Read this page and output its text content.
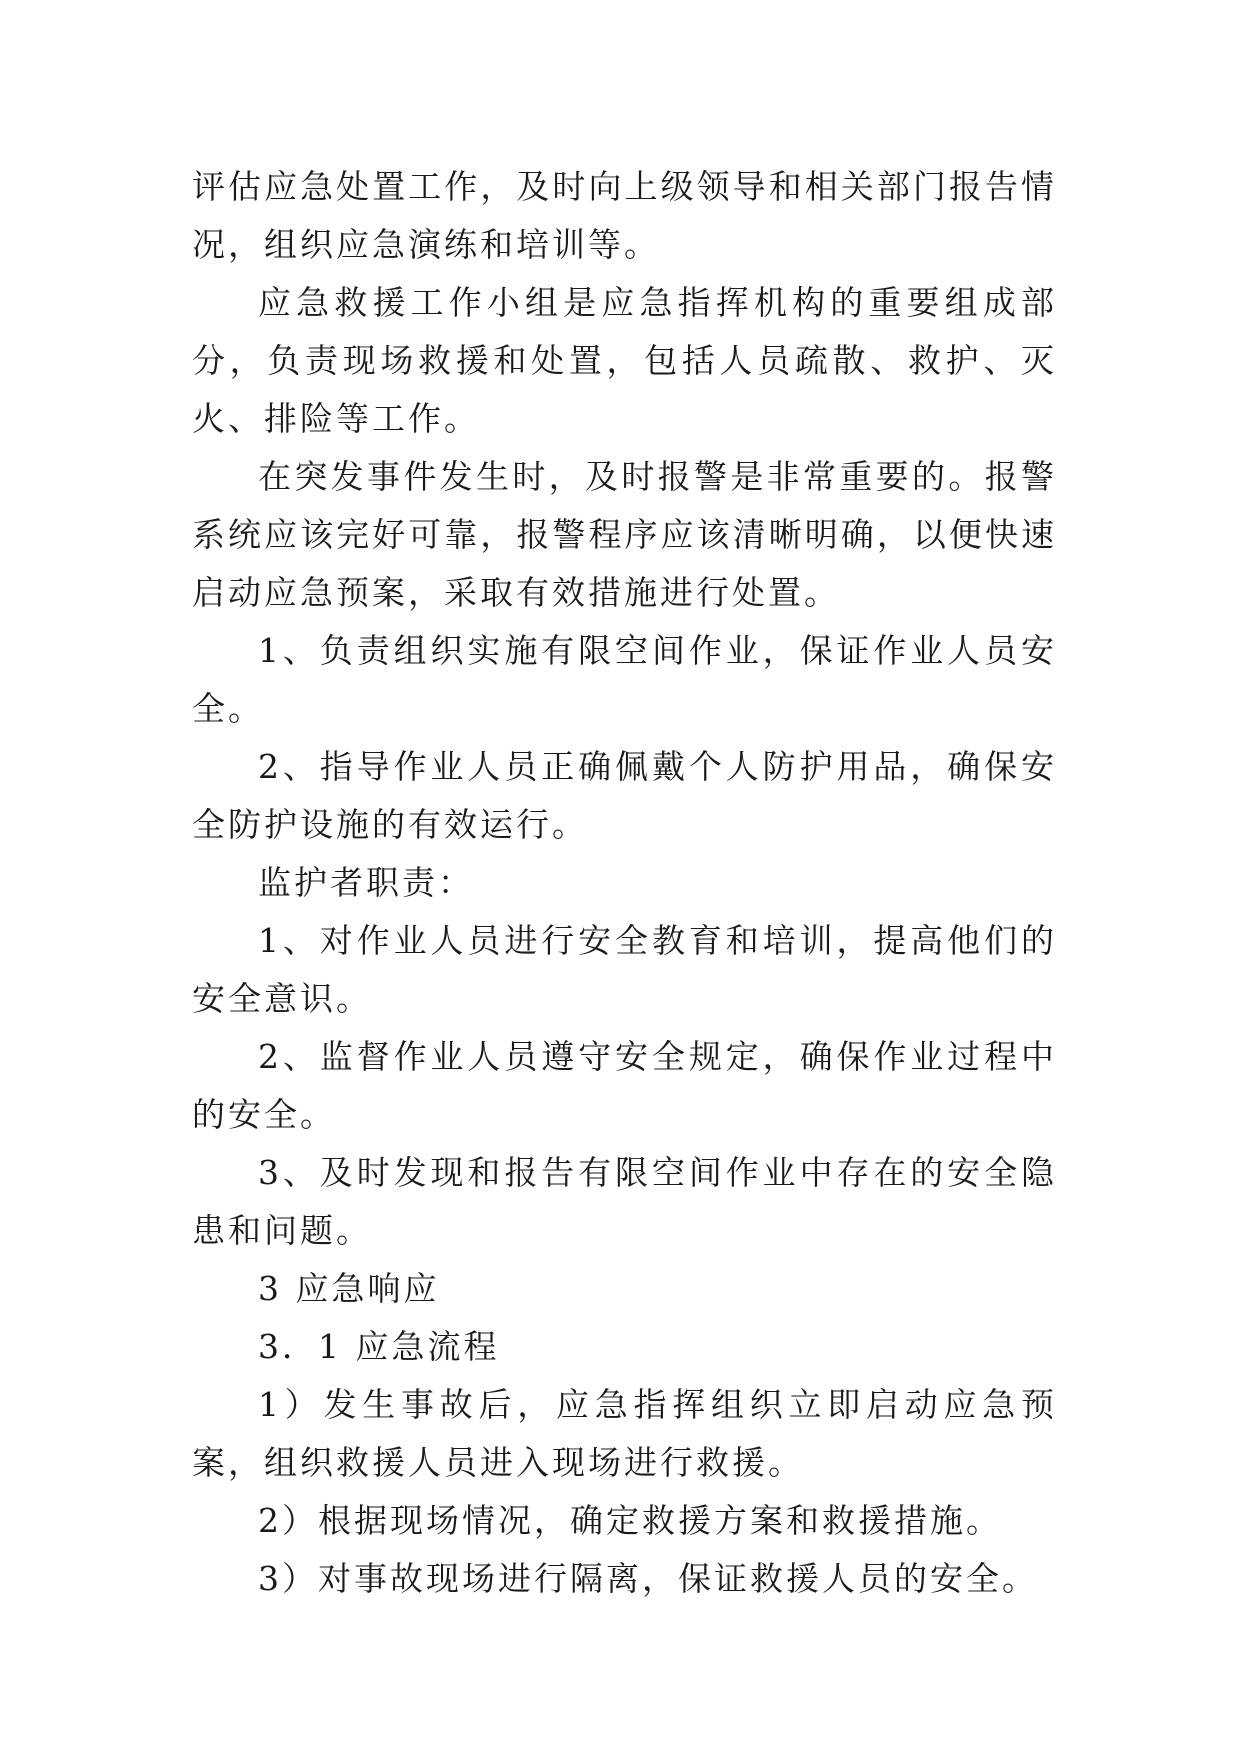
评估应急处置工作，及时向上级领导和相关部门报告情况，组织应急演练和培训等。

应急救援工作小组是应急指挥机构的重要组成部分，负责现场救援和处置，包括人员疏散、救护、灭火、排险等工作。

在突发事件发生时，及时报警是非常重要的。报警系统应该完好可靠，报警程序应该清晰明确，以便快速启动应急预案，采取有效措施进行处置。

1、负责组织实施有限空间作业，保证作业人员安全。

2、指导作业人员正确佩戴个人防护用品，确保安全防护设施的有效运行。

监护者职责：

1、对作业人员进行安全教育和培训，提高他们的安全意识。

2、监督作业人员遵守安全规定，确保作业过程中的安全。

3、及时发现和报告有限空间作业中存在的安全隐患和问题。

3 应急响应

3．1 应急流程

1）发生事故后，应急指挥组织立即启动应急预案，组织救援人员进入现场进行救援。

2）根据现场情况，确定救援方案和救援措施。

3）对事故现场进行隔离，保证救援人员的安全。
